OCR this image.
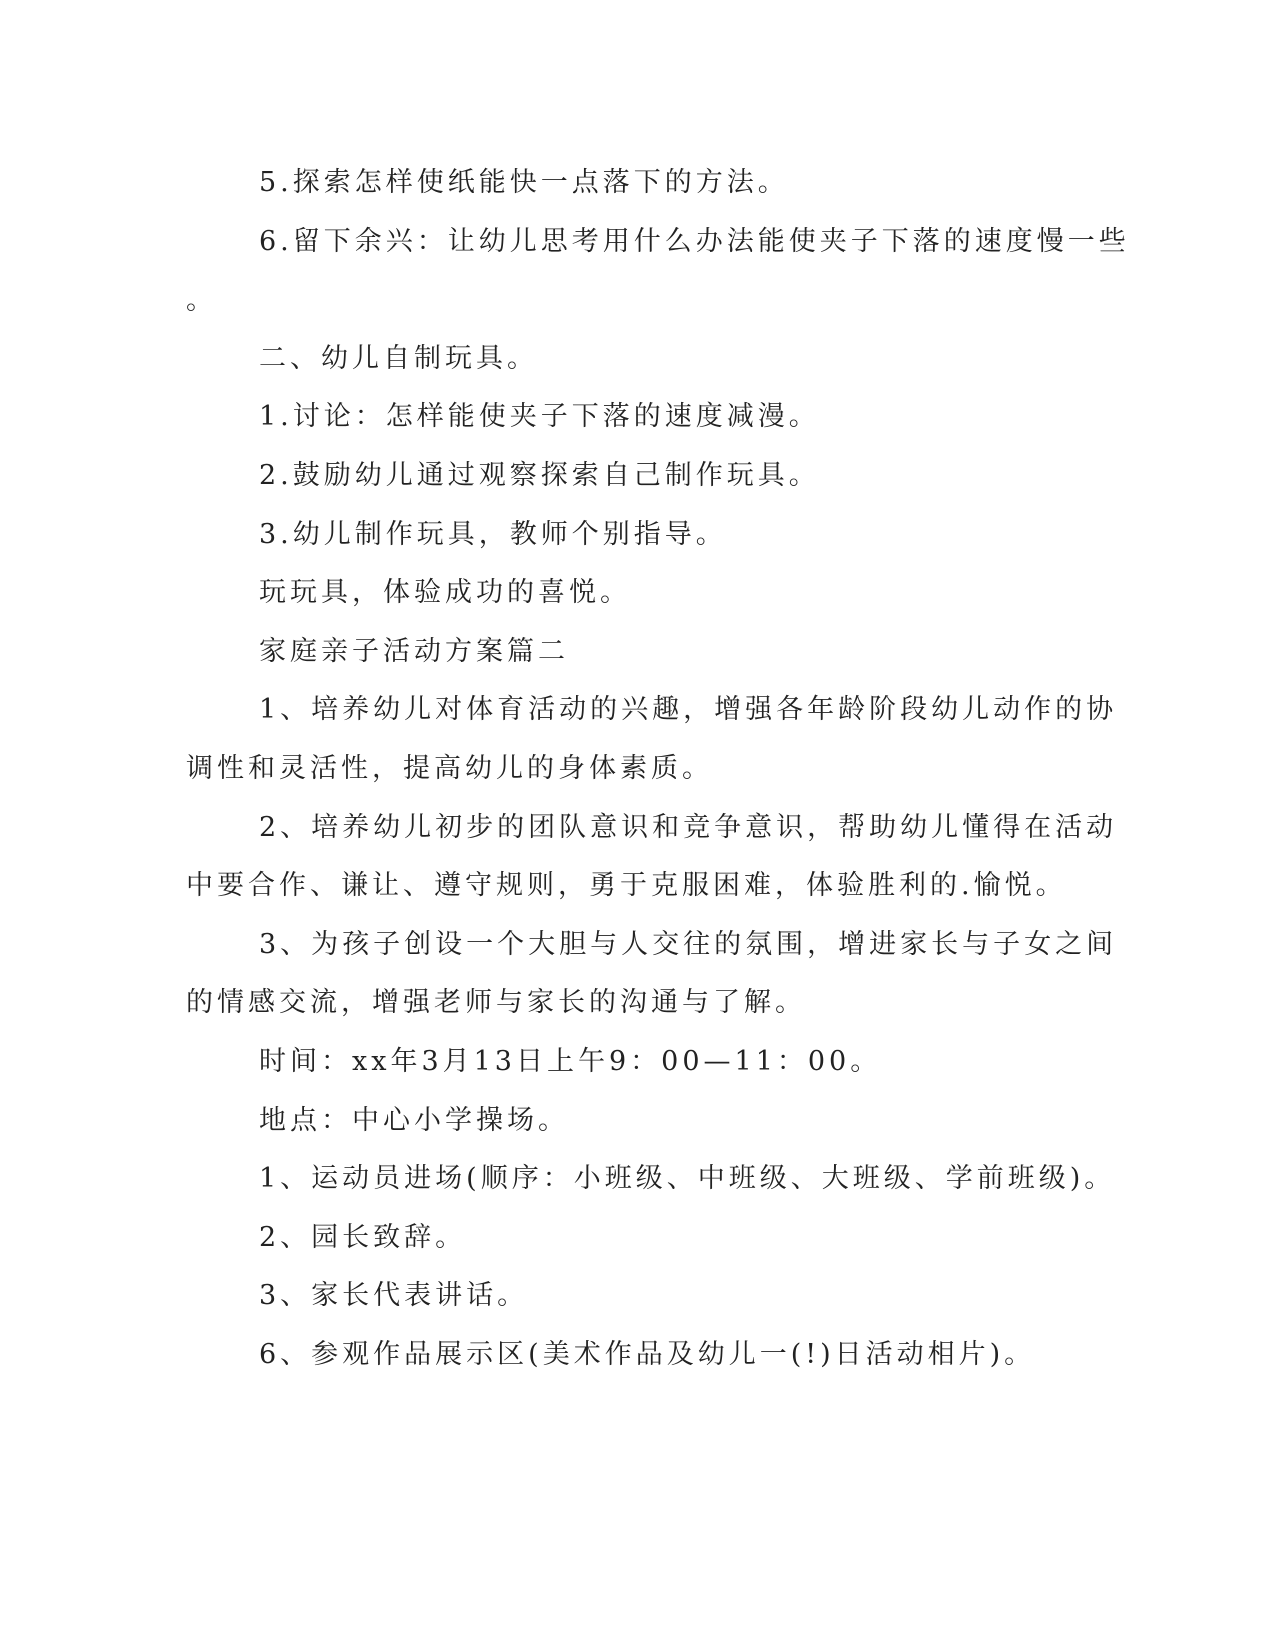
5.探索怎样使纸能快一点落下的方法。
6.留下余兴：让幼儿思考用什么办法能使夹子下落的速度慢一些
。
二、幼儿自制玩具。
1.讨论：怎样能使夹子下落的速度减漫。
2.鼓励幼儿通过观察探索自己制作玩具。
3.幼儿制作玩具，教师个别指导。
玩玩具，体验成功的喜悦。
家庭亲子活动方案篇二
1、培养幼儿对体育活动的兴趣，增强各年龄阶段幼儿动作的协
调性和灵活性，提高幼儿的身体素质。
2、培养幼儿初步的团队意识和竞争意识，帮助幼儿懂得在活动
中要合作、谦让、遵守规则，勇于克服困难，体验胜利的.愉悦。
3、为孩子创设一个大胆与人交往的氛围，增进家长与子女之间
的情感交流，增强老师与家长的沟通与了解。
时间：xx年3月13日上午9：00—11：00。
地点：中心小学操场。
1、运动员进场(顺序：小班级、中班级、大班级、学前班级)。
2、园长致辞。
3、家长代表讲话。
6、参观作品展示区(美术作品及幼儿一(!)日活动相片)。
